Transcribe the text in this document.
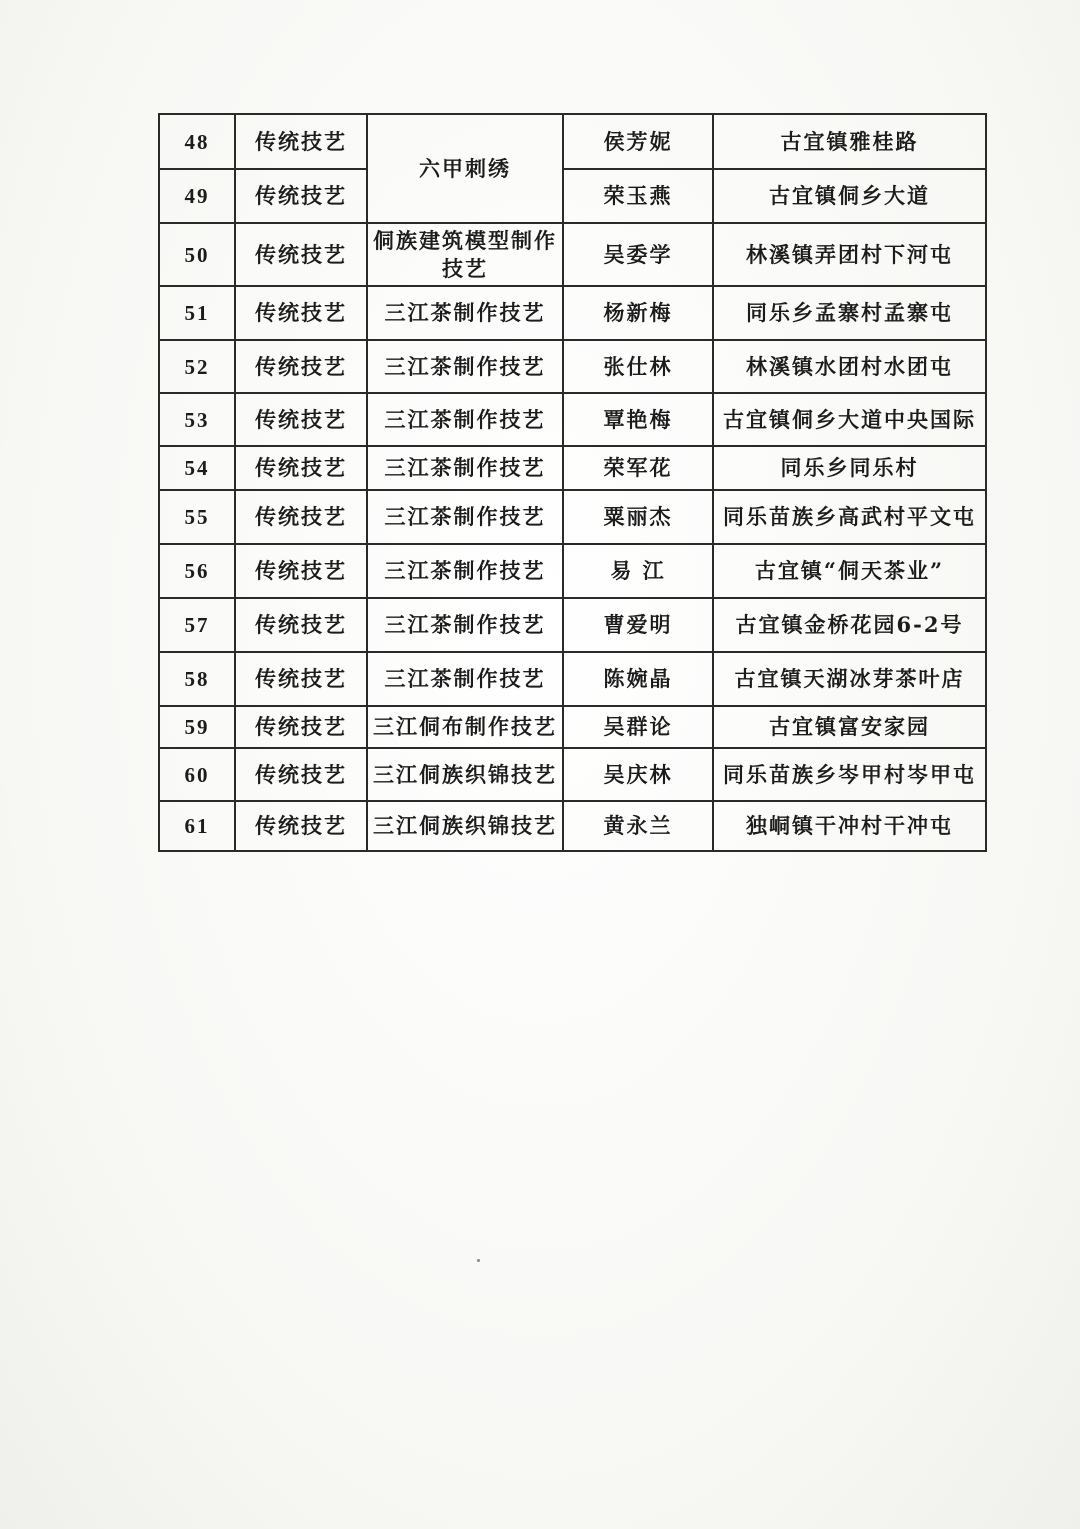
48	传统技艺	六甲刺绣	侯芳妮	古宜镇雅桂路
49	传统技艺		荣玉燕	古宜镇侗乡大道
50	传统技艺	侗族建筑模型制作技艺	吴委学	林溪镇弄团村下河屯
51	传统技艺	三江茶制作技艺	杨新梅	同乐乡孟寨村孟寨屯
52	传统技艺	三江茶制作技艺	张仕林	林溪镇水团村水团屯
53	传统技艺	三江茶制作技艺	覃艳梅	古宜镇侗乡大道中央国际
54	传统技艺	三江茶制作技艺	荣军花	同乐乡同乐村
55	传统技艺	三江茶制作技艺	粟丽杰	同乐苗族乡高武村平文屯
56	传统技艺	三江茶制作技艺	易 江	古宜镇“侗天茶业”
57	传统技艺	三江茶制作技艺	曹爱明	古宜镇金桥花园6-2号
58	传统技艺	三江茶制作技艺	陈婉晶	古宜镇天湖冰芽茶叶店
59	传统技艺	三江侗布制作技艺	吴群论	古宜镇富安家园
60	传统技艺	三江侗族织锦技艺	吴庆林	同乐苗族乡岑甲村岑甲屯
61	传统技艺	三江侗族织锦技艺	黄永兰	独峒镇干冲村干冲屯
